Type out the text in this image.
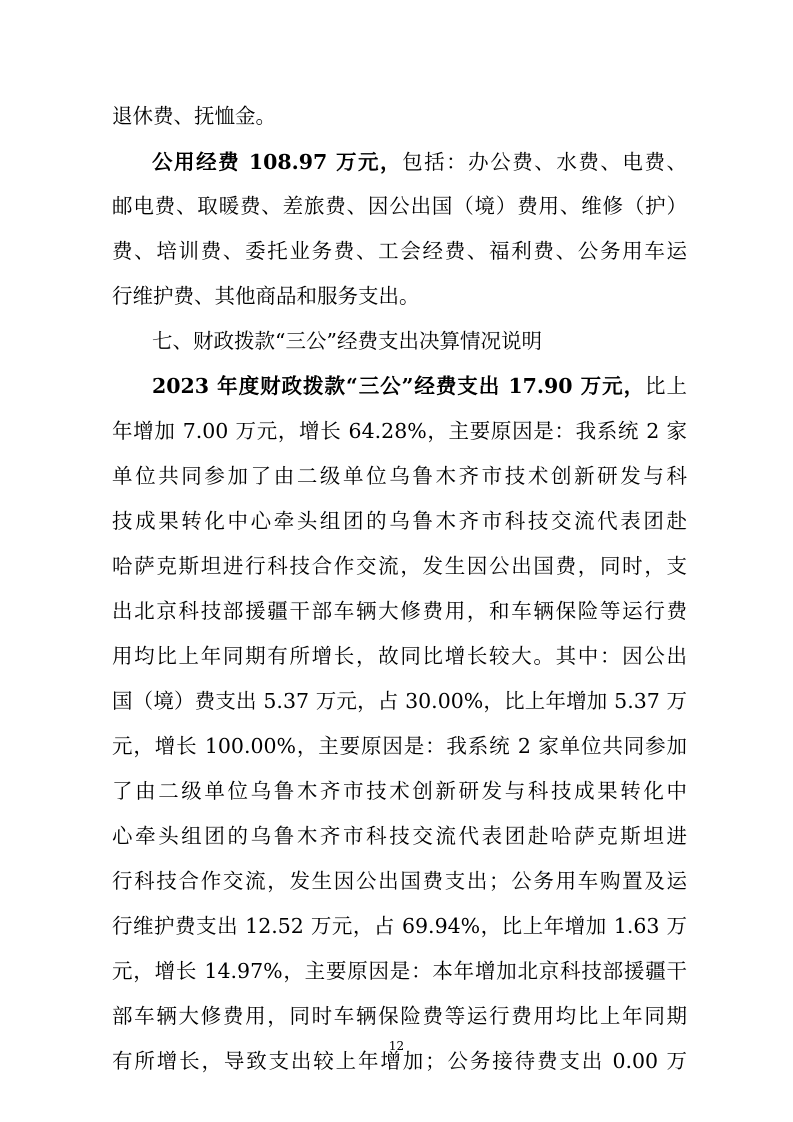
退休费、抚恤金。
公用经费 108.97 万元，包括：办公费、水费、电费、
邮电费、取暖费、差旅费、因公出国（境）费用、维修（护）
费、培训费、委托业务费、工会经费、福利费、公务用车运
行维护费、其他商品和服务支出。
七、财政拨款“三公”经费支出决算情况说明
2023 年度财政拨款“三公”经费支出 17.90 万元，比上
年增加 7.00 万元，增长 64.28%，主要原因是：我系统 2 家
单位共同参加了由二级单位乌鲁木齐市技术创新研发与科
技成果转化中心牵头组团的乌鲁木齐市科技交流代表团赴
哈萨克斯坦进行科技合作交流，发生因公出国费，同时，支
出北京科技部援疆干部车辆大修费用，和车辆保险等运行费
用均比上年同期有所增长，故同比增长较大。其中：因公出
国（境）费支出 5.37 万元，占 30.00%，比上年增加 5.37 万
元，增长 100.00%，主要原因是：我系统 2 家单位共同参加
了由二级单位乌鲁木齐市技术创新研发与科技成果转化中
心牵头组团的乌鲁木齐市科技交流代表团赴哈萨克斯坦进
行科技合作交流，发生因公出国费支出；公务用车购置及运
行维护费支出 12.52 万元，占 69.94%，比上年增加 1.63 万
元，增长 14.97%，主要原因是：本年增加北京科技部援疆干
部车辆大修费用，同时车辆保险费等运行费用均比上年同期
有所增长，导致支出较上年增加；公务接待费支出 0.00 万
12
